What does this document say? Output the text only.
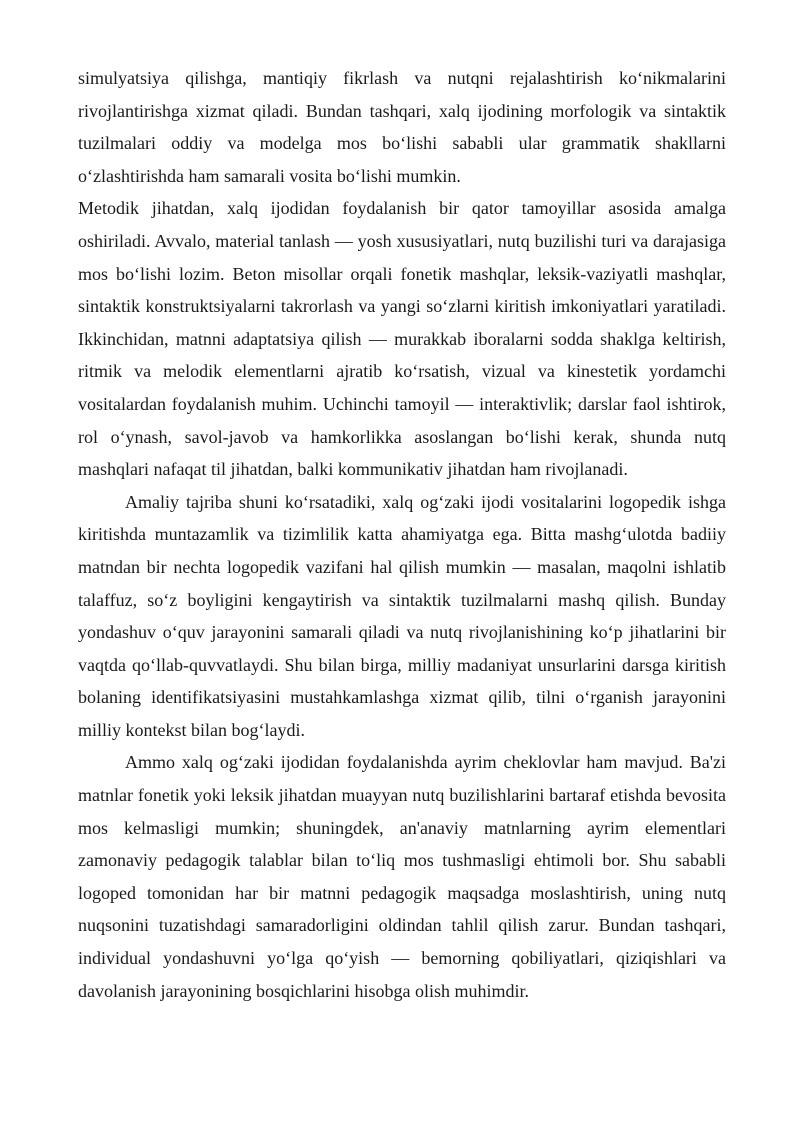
simulyatsiya qilishga, mantiqiy fikrlash va nutqni rejalashtirish ko‘nikmalarini rivojlantirishga xizmat qiladi. Bundan tashqari, xalq ijodining morfologik va sintaktik tuzilmalari oddiy va modelga mos bo‘lishi sababli ular grammatik shakllarni o‘zlashtirishda ham samarali vosita bo‘lishi mumkin.

Metodik jihatdan, xalq ijodidan foydalanish bir qator tamoyillar asosida amalga oshiriladi. Avvalo, material tanlash — yosh xususiyatlari, nutq buzilishi turi va darajasiga mos bo‘lishi lozim. Beton misollar orqali fonetik mashqlar, leksik-vaziyatli mashqlar, sintaktik konstruktsiyalarni takrorlash va yangi so‘zlarni kiritish imkoniyatlari yaratiladi. Ikkinchidan, matnni adaptatsiya qilish — murakkab iboralarni sodda shaklga keltirish, ritmik va melodik elementlarni ajratib ko‘rsatish, vizual va kinestetik yordamchi vositalardan foydalanish muhim. Uchinchi tamoyil — interaktivlik; darslar faol ishtirok, rol o‘ynash, savol-javob va hamkorlikka asoslangan bo‘lishi kerak, shunda nutq mashqlari nafaqat til jihatdan, balki kommunikativ jihatdan ham rivojlanadi.

Amaliy tajriba shuni ko‘rsatadiki, xalq og‘zaki ijodi vositalarini logopedik ishga kiritishda muntazamlik va tizimlilik katta ahamiyatga ega. Bitta mashg‘ulotda badiiy matndan bir nechta logopedik vazifani hal qilish mumkin — masalan, maqolni ishlatib talaffuz, so‘z boyligini kengaytirish va sintaktik tuzilmalarni mashq qilish. Bunday yondashuv o‘quv jarayonini samarali qiladi va nutq rivojlanishining ko‘p jihatlarini bir vaqtda qo‘llab-quvvatlaydi. Shu bilan birga, milliy madaniyat unsurlarini darsga kiritish bolaning identifikatsiyasini mustahkamlashga xizmat qilib, tilni o‘rganish jarayonini milliy kontekst bilan bog‘laydi.

Ammo xalq og‘zaki ijodidan foydalanishda ayrim cheklovlar ham mavjud. Ba'zi matnlar fonetik yoki leksik jihatdan muayyan nutq buzilishlarini bartaraf etishda bevosita mos kelmasligi mumkin; shuningdek, an'anaviy matnlarning ayrim elementlari zamonaviy pedagogik talablar bilan to‘liq mos tushmasligi ehtimoli bor. Shu sababli logoped tomonidan har bir matnni pedagogik maqsadga moslashtirish, uning nutq nuqsonini tuzatishdagi samaradorligini oldindan tahlil qilish zarur. Bundan tashqari, individual yondashuvni yo‘lga qo‘yish — bemorning qobiliyatlari, qiziqishlari va davolanish jarayonining bosqichlarini hisobga olish muhimdir.
